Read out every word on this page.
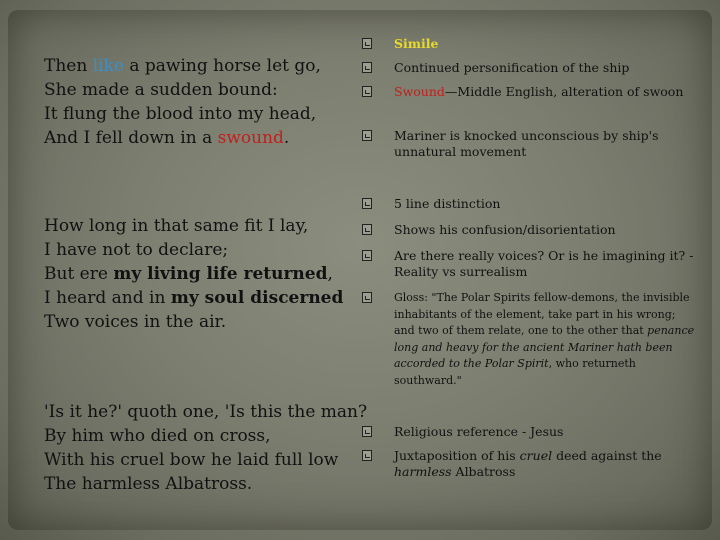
Then like a pawing horse let go,
She made a sudden bound:
It flung the blood into my head,
And I fell down in a swound.
How long in that same fit I lay,
I have not to declare;
But ere my living life returned,
I heard and in my soul discerned
Two voices in the air.
'Is it he?' quoth one, 'Is this the man?
By him who died on cross,
With his cruel bow he laid full low
The harmless Albatross.
Simile
Continued personification of the ship
Swound—Middle English, alteration of swoon
Mariner is knocked unconscious by ship's unnatural movement
5 line distinction
Shows his confusion/disorientation
Are there really voices? Or is he imagining it? - Reality vs surrealism
Gloss: "The Polar Spirits fellow-demons, the invisible inhabitants of the element, take part in his wrong; and two of them relate, one to the other that penance long and heavy for the ancient Mariner hath been accorded to the Polar Spirit, who returneth southward."
Religious reference - Jesus
Juxtaposition of his cruel deed against the harmless Albatross
